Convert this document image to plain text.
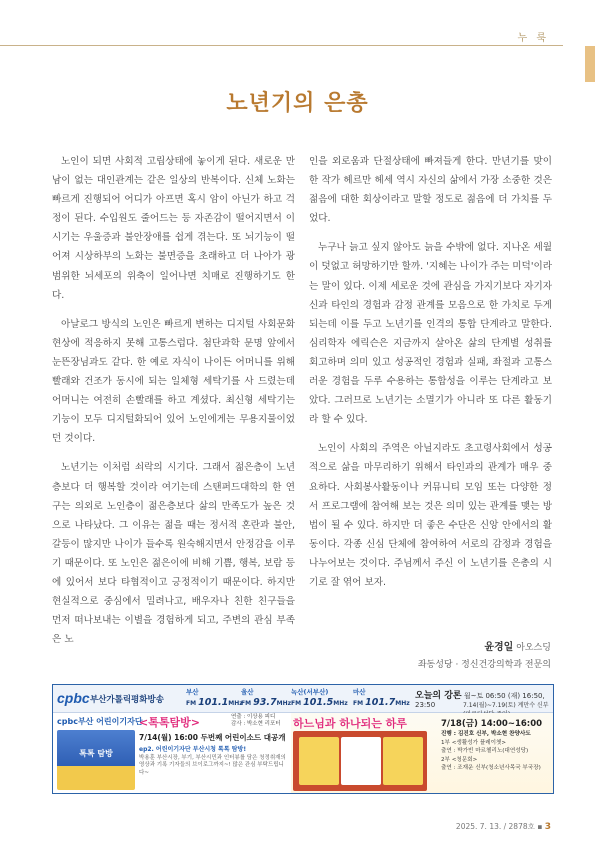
누 룩
노년기의 은총

노인이 되면 사회적 고립상태에 놓이게 된다. 새로운 만남이 없는 대인관계는 같은 일상의 반복이다. 신체 노화는 빠르게 진행되어 어디가 아프면 혹시 암이 아닌가 하고 걱정이 된다. 수입원도 줄어드는 등 자존감이 떨어지면서 이 시기는 우울증과 불안장애를 쉽게 겪는다. 또 뇌기능이 떨어져 시상하부의 노화는 불면증을 초래하고 더 나아가 광범위한 뇌세포의 위축이 일어나면 치매로 진행하기도 한다.

아날로그 방식의 노인은 빠르게 변하는 디지털 사회문화 현상에 적응하지 못해 고통스럽다. 첨단과학 문명 앞에서 눈뜬장님과도 같다. 한 예로 자식이 나이든 어머니를 위해 빨래와 건조가 동시에 되는 일체형 세탁기를 사 드렸는데 어머니는 여전히 손빨래를 하고 계셨다. 최신형 세탁기는 기능이 모두 디지털화되어 있어 노인에게는 무용지물이었던 것이다.

노년기는 이처럼 쇠락의 시기다. 그래서 젊은층이 노년층보다 더 행복할 것이라 여기는데 스탠퍼드대학의 한 연구는 의외로 노인층이 젊은층보다 삶의 만족도가 높은 것으로 나타났다. 그 이유는 젊을 때는 정서적 혼란과 불안, 갈등이 많지만 나이가 들수록 원숙해지면서 안정감을 이루기 때문이다. 또 노인은 젊은이에 비해 기쁨, 행복, 보람 등에 있어서 보다 타협적이고 긍정적이기 때문이다. 하지만 현실적으로 중심에서 밀려나고, 배우자나 친한 친구들을 먼저 떠나보내는 이별을 경험하게 되고, 주변의 관심 부족은 노

인을 외로움과 단절상태에 빠져들게 한다. 만년기를 맞이한 작가 헤르만 헤세 역시 자신의 삶에서 가장 소중한 것은 젊음에 대한 회상이라고 말할 정도로 젊음에 더 가치를 두었다.

누구나 늙고 싶지 않아도 늙을 수밖에 없다. 지나온 세월이 덧없고 허망하기만 할까. '지혜는 나이가 주는 미덕'이라는 말이 있다. 이제 세로운 것에 관심을 가지기보다 자기자신과 타인의 경험과 감정 관계를 모음으로 한 가치로 두게 되는데 이를 두고 노년기를 인격의 통합 단계라고 말한다. 심리학자 에릭슨은 지금까지 살아온 삶의 단계별 성취를 회고하며 의미 있고 성공적인 경험과 실패, 좌절과 고통스러운 경험을 두루 수용하는 통합성을 이루는 단계라고 보았다. 그러므로 노년기는 소멸기가 아니라 또 다른 활동기라 할 수 있다.

노인이 사회의 주역은 아닐지라도 초고령사회에서 성공적으로 삶을 마무리하기 위해서 타인과의 관계가 매우 중요하다. 사회봉사활동이나 커뮤니티 모임 또는 다양한 정서 프로그램에 참여해 보는 것은 의미 있는 관계를 맺는 방법이 될 수 있다. 하지만 더 좋은 수단은 신앙 안에서의 활동이다. 각종 신심 단체에 참여하여 서로의 감정과 경험을 나누어보는 것이다. 주님께서 주신 이 노년기를 은총의 시기로 잘 엮어 보자.

윤경일 아오스딩
좌동성당 · 정신건강의학과 전문의
cpbc 부산가톨릭평화방송
부산
FM 101.1MHz
울산
FM 93.7MHz
녹산(서부산)
FM 101.5MHz
마산
FM 101.7MHz
오늘의 강론 월~토 06:50 (재) 16:50, 23:50	7.14(월)~7.19(토) 계만수 신부
cpbc부산 어린이기자단
<톡톡탐방>	연출 : 이상용 피디
감사 : 박소현 리포터
톡톡 탐방
7/14(월) 16:00 두번째 어린이소드 대공개
ep2. 어린이기자단 부산시청 톡톡 탐방!
박용훈 부산시장, 부기, 부산시민과 인터뷰를 담은 청정취재의 영상과 기록 기자들의 브이로그까지~! 많은 관심 부탁드립니다~
하느님과 하나되는 하루	7/18(금) 14:00~16:00
진행 : 김진호 신부, 박소현 찬양사도
1부 <생활성가 플레이쳇>
출연 : 박가빈 마르첼리노(대연성당)
2부 <청문회>
출연 : 조재운 신부(청소년사목국 부국장)
2025. 7. 13. / 2878호 ▪ 3
